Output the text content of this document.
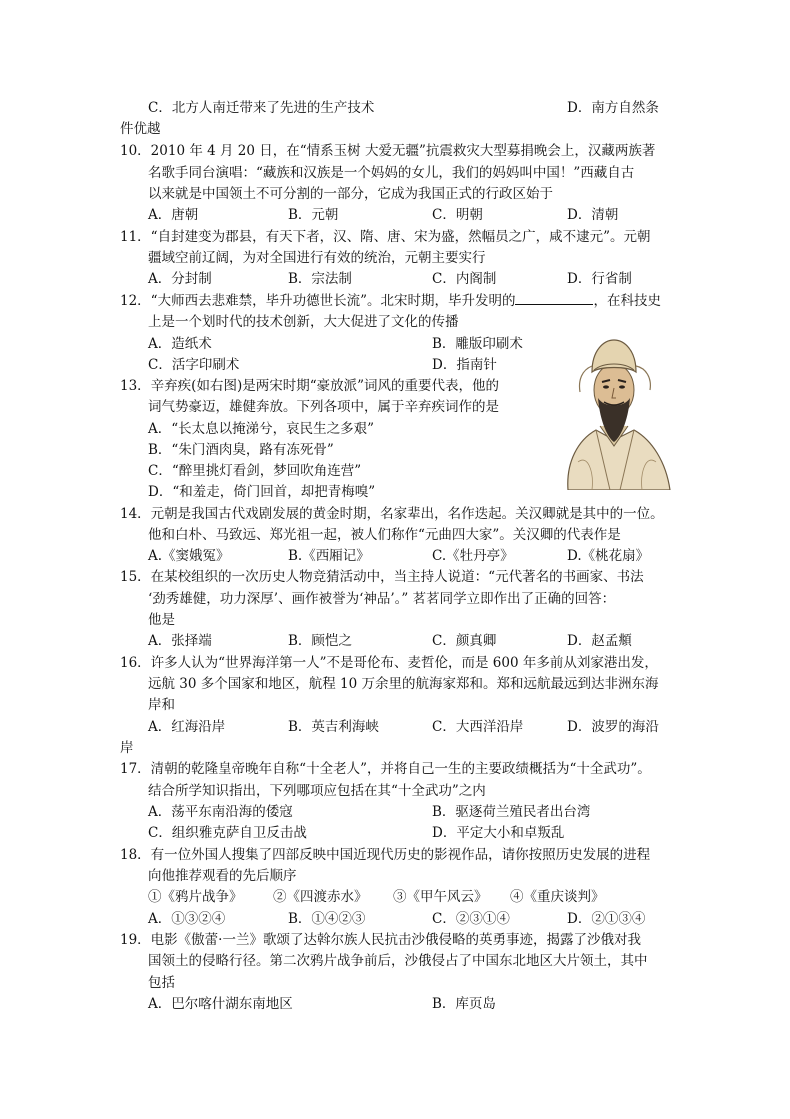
C．北方人南迁带来了先进的生产技术	D．南方自然条
件优越
10．2010 年 4 月 20 日，在“情系玉树 大爱无疆”抗震救灾大型募捐晚会上，汉藏两族著
名歌手同台演唱：“藏族和汉族是一个妈妈的女儿，我们的妈妈叫中国！”西藏自古
以来就是中国领土不可分割的一部分，它成为我国正式的行政区始于
A．唐朝	B．元朝	C．明朝	D．清朝
11．“自封建变为郡县，有天下者，汉、隋、唐、宋为盛，然幅员之广，咸不逮元”。元朝
疆域空前辽阔，为对全国进行有效的统治，元朝主要实行
A．分封制	B．宗法制	C．内阁制	D．行省制
12．“大师西去悲难禁，毕升功德世长流”。北宋时期，毕升发明的	，在科技史
上是一个划时代的技术创新，大大促进了文化的传播
A．造纸术	B．雕版印刷术
C．活字印刷术	D．指南针
13．辛弃疾(如右图)是两宋时期“豪放派”词风的重要代表，他的
词气势豪迈，雄健奔放。下列各项中，属于辛弃疾词作的是
A．“长太息以掩涕兮，哀民生之多艰”
B．“朱门酒肉臭，路有冻死骨”
C．“醉里挑灯看剑，梦回吹角连营”
D．“和羞走，倚门回首，却把青梅嗅”
14．元朝是我国古代戏剧发展的黄金时期，名家辈出，名作迭起。关汉卿就是其中的一位。
他和白朴、马致远、郑光祖一起，被人们称作“元曲四大家”。关汉卿的代表作是
A.《窦娥冤》	B.《西厢记》	C.《牡丹亭》	D.《桃花扇》
15．在某校组织的一次历史人物竞猜活动中，当主持人说道：“元代著名的书画家、书法
‘劲秀雄健，功力深厚’、画作被誉为‘神品’。” 茗茗同学立即作出了正确的回答：
他是
A．张择端	B．顾恺之	C．颜真卿	D．赵孟頫
16．许多人认为“世界海洋第一人”不是哥伦布、麦哲伦，而是 600 年多前从刘家港出发，
远航 30 多个国家和地区，航程 10 万余里的航海家郑和。郑和远航最远到达非洲东海
岸和
A．红海沿岸	B．英吉利海峡	C．大西洋沿岸	D．波罗的海沿
岸
17．清朝的乾隆皇帝晚年自称“十全老人”，并将自己一生的主要政绩概括为“十全武功”。
结合所学知识指出，下列哪项应包括在其“十全武功”之内
A．荡平东南沿海的倭寇	B．驱逐荷兰殖民者出台湾
C．组织雅克萨自卫反击战	D．平定大小和卓叛乱
18．有一位外国人搜集了四部反映中国近现代历史的影视作品，请你按照历史发展的进程
向他推荐观看的先后顺序
①《鸦片战争》 ②《四渡赤水》 ③《甲午风云》 ④《重庆谈判》
A．①③②④	B．①④②③	C．②③①④	D．②①③④
19．电影《傲蕾·一兰》歌颂了达斡尔族人民抗击沙俄侵略的英勇事迹，揭露了沙俄对我
国领土的侵略行径。第二次鸦片战争前后，沙俄侵占了中国东北地区大片领土，其中
包括
A．巴尔喀什湖东南地区	B．库页岛
